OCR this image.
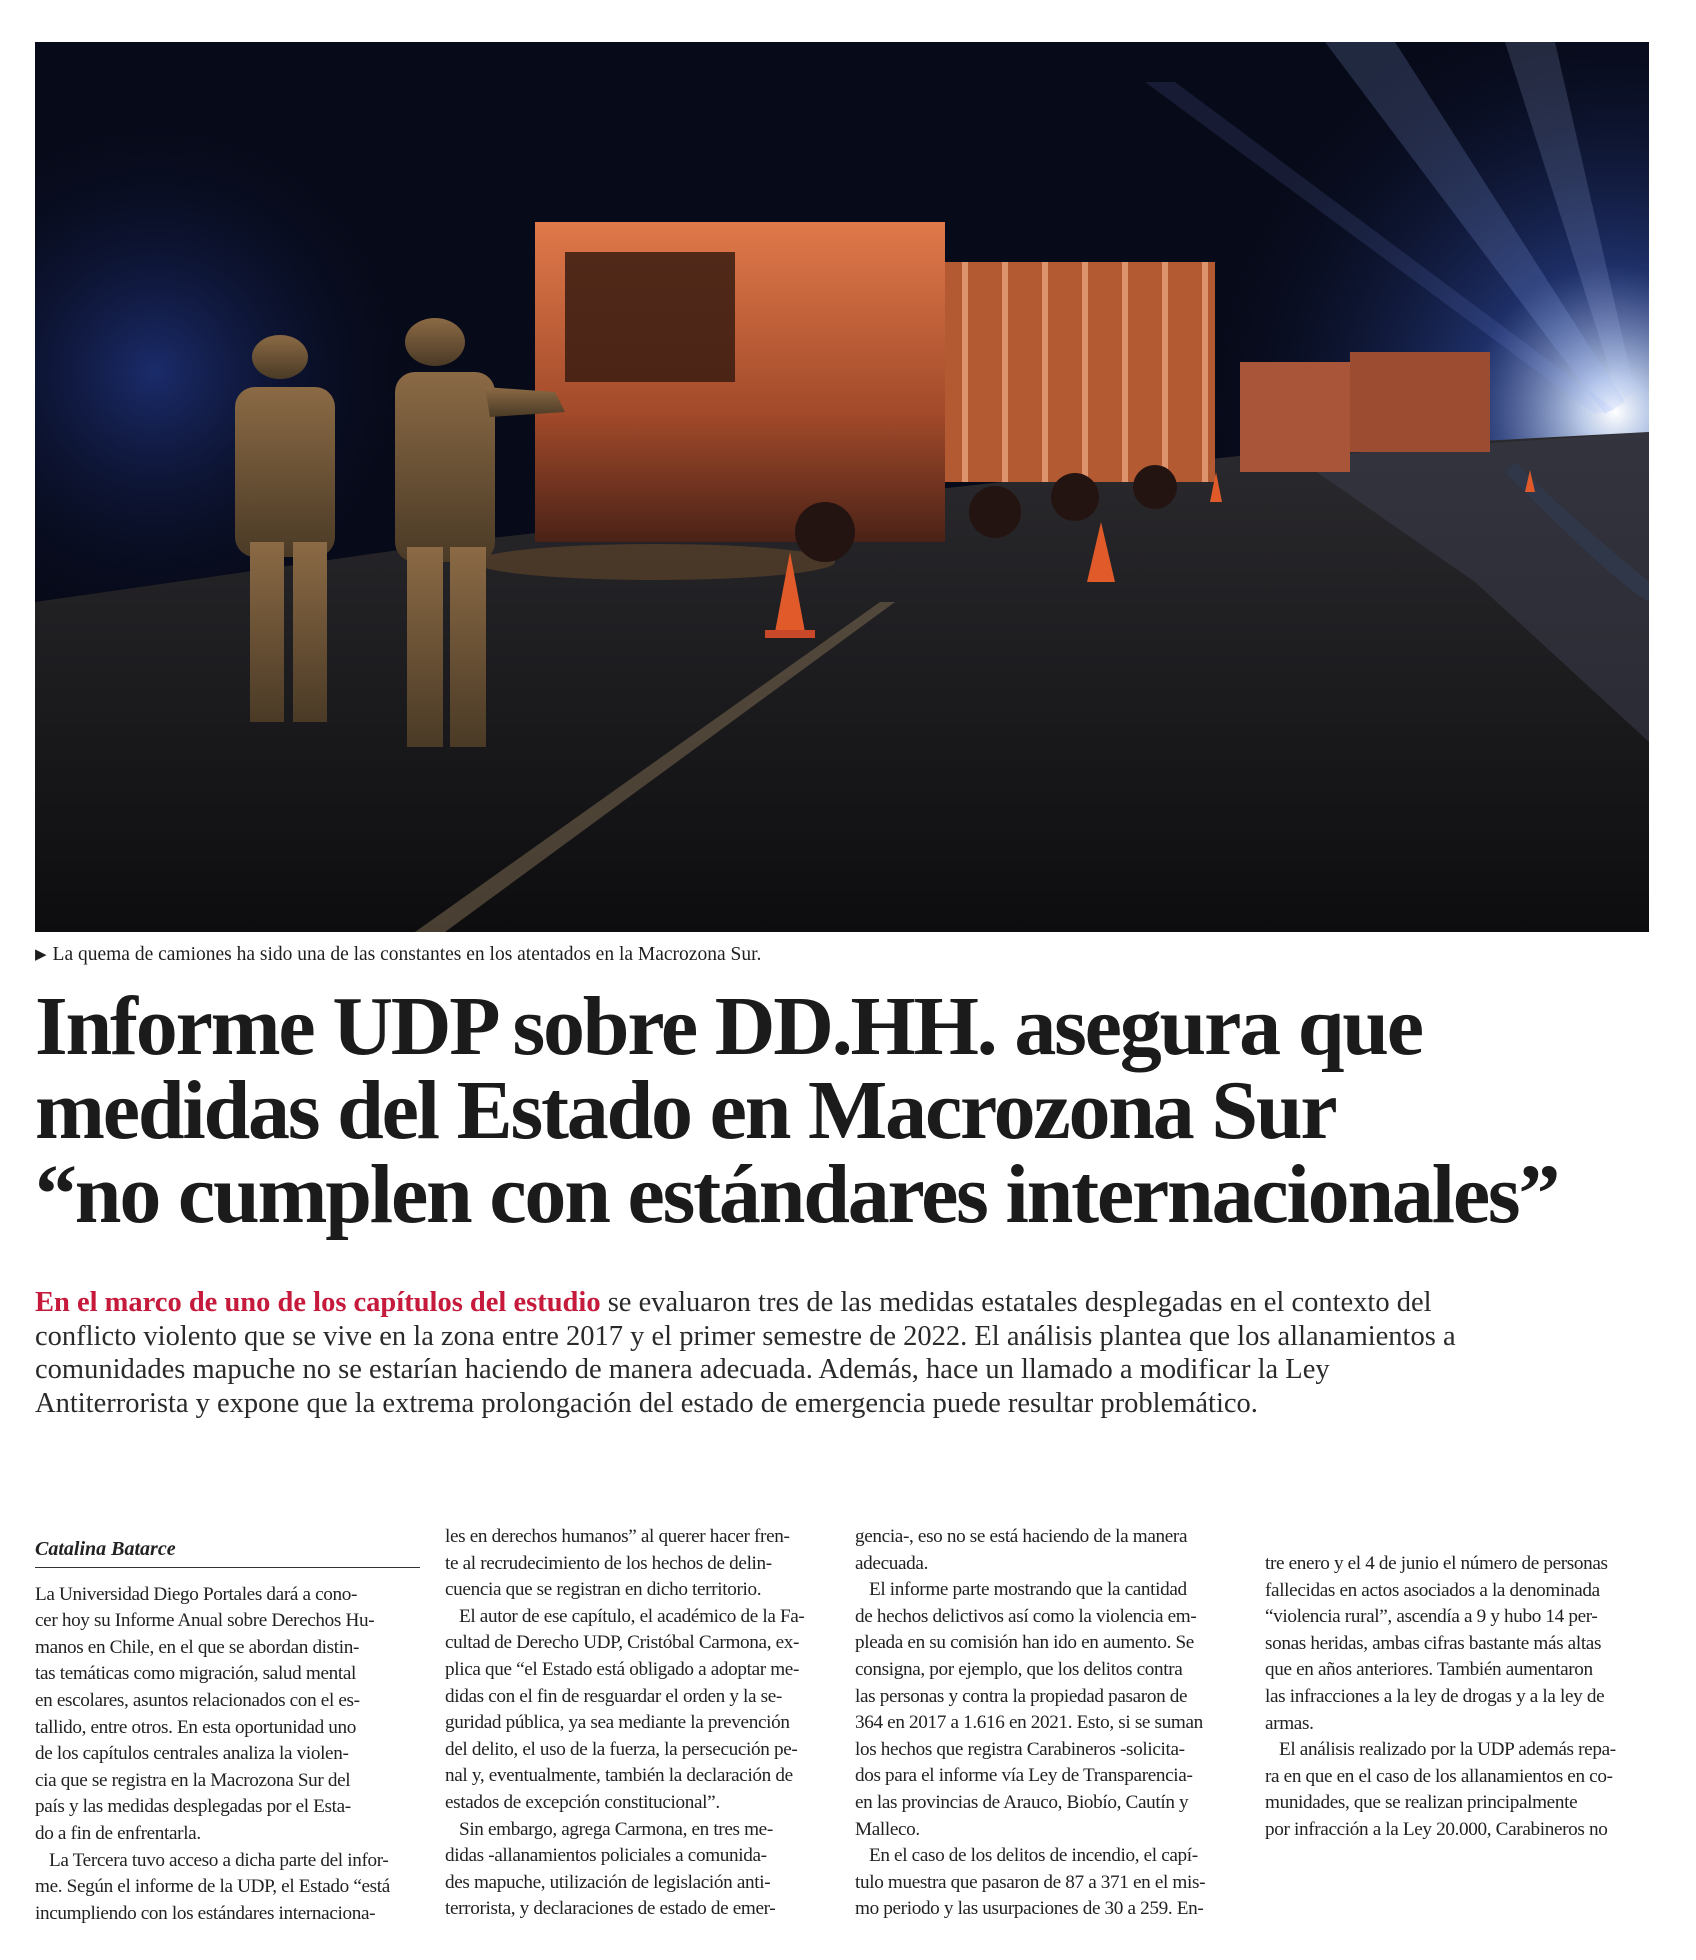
▶ La quema de camiones ha sido una de las constantes en los atentados en la Macrozona Sur.
Informe UDP sobre DD.HH. asegura que
medidas del Estado en Macrozona Sur
“no cumplen con estándares internacionales”
En el marco de uno de los capítulos del estudio se evaluaron tres de las medidas estatales desplegadas en el contexto del
conflicto violento que se vive en la zona entre 2017 y el primer semestre de 2022. El análisis plantea que los allanamientos a
comunidades mapuche no se estarían haciendo de manera adecuada. Además, hace un llamado a modificar la Ley
Antiterrorista y expone que la extrema prolongación del estado de emergencia puede resultar problemático.

Catalina Batarce

La Universidad Diego Portales dará a cono-
cer hoy su Informe Anual sobre Derechos Hu-
manos en Chile, en el que se abordan distin-
tas temáticas como migración, salud mental
en escolares, asuntos relacionados con el es-
tallido, entre otros. En esta oportunidad uno
de los capítulos centrales analiza la violen-
cia que se registra en la Macrozona Sur del
país y las medidas desplegadas por el Esta-
do a fin de enfrentarla.
La Tercera tuvo acceso a dicha parte del infor-
me. Según el informe de la UDP, el Estado “está
incumpliendo con los estándares internaciona-
les en derechos humanos” al querer hacer fren-
te al recrudecimiento de los hechos de delin-
cuencia que se registran en dicho territorio.
El autor de ese capítulo, el académico de la Fa-
cultad de Derecho UDP, Cristóbal Carmona, ex-
plica que “el Estado está obligado a adoptar me-
didas con el fin de resguardar el orden y la se-
guridad pública, ya sea mediante la prevención
del delito, el uso de la fuerza, la persecución pe-
nal y, eventualmente, también la declaración de
estados de excepción constitucional”.
Sin embargo, agrega Carmona, en tres me-
didas -allanamientos policiales a comunida-
des mapuche, utilización de legislación anti-
terrorista, y declaraciones de estado de emer-
gencia-, eso no se está haciendo de la manera
adecuada.
El informe parte mostrando que la cantidad
de hechos delictivos así como la violencia em-
pleada en su comisión han ido en aumento. Se
consigna, por ejemplo, que los delitos contra
las personas y contra la propiedad pasaron de
364 en 2017 a 1.616 en 2021. Esto, si se suman
los hechos que registra Carabineros -solicita-
dos para el informe vía Ley de Transparencia-
en las provincias de Arauco, Biobío, Cautín y
Malleco.
En el caso de los delitos de incendio, el capí-
tulo muestra que pasaron de 87 a 371 en el mis-
mo periodo y las usurpaciones de 30 a 259. En-
tre enero y el 4 de junio el número de personas
fallecidas en actos asociados a la denominada
“violencia rural”, ascendía a 9 y hubo 14 per-
sonas heridas, ambas cifras bastante más altas
que en años anteriores. También aumentaron
las infracciones a la ley de drogas y a la ley de
armas.
El análisis realizado por la UDP además repa-
ra en que en el caso de los allanamientos en co-
munidades, que se realizan principalmente
por infracción a la Ley 20.000, Carabineros no
